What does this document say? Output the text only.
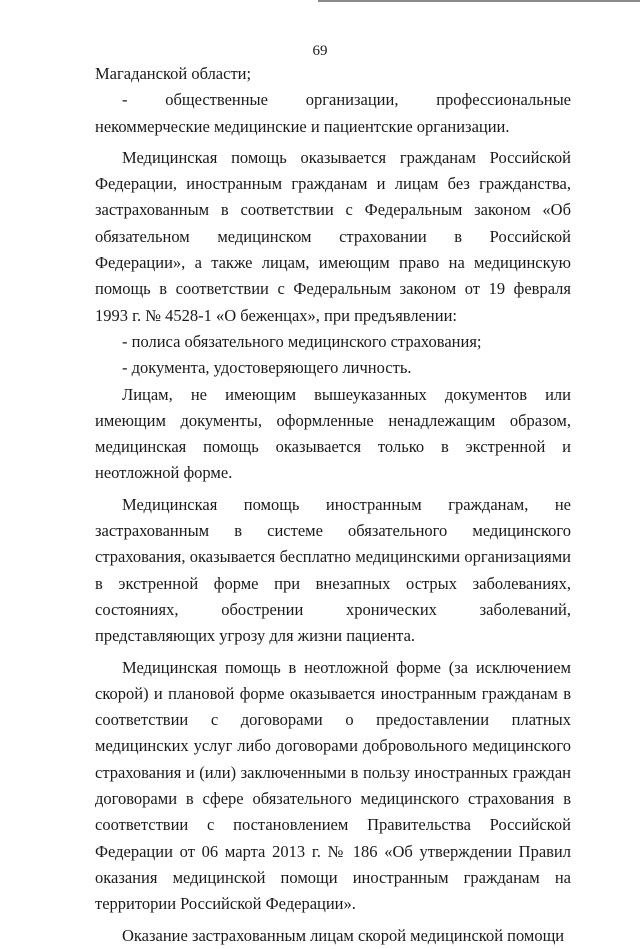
69

Магаданской области;

- общественные организации, профессиональные некоммерческие медицинские и пациентские организации.

Медицинская помощь оказывается гражданам Российской Федерации, иностранным гражданам и лицам без гражданства, застрахованным в соответствии с Федеральным законом «Об обязательном медицинском страховании в Российской Федерации», а также лицам, имеющим право на медицинскую помощь в соответствии с Федеральным законом от 19 февраля 1993 г. № 4528-1 «О беженцах», при предъявлении:

- полиса обязательного медицинского страхования;

- документа, удостоверяющего личность.

Лицам, не имеющим вышеуказанных документов или имеющим документы, оформленные ненадлежащим образом, медицинская помощь оказывается только в экстренной и неотложной форме.

Медицинская помощь иностранным гражданам, не застрахованным в системе обязательного медицинского страхования, оказывается бесплатно медицинскими организациями в экстренной форме при внезапных острых заболеваниях, состояниях, обострении хронических заболеваний, представляющих угрозу для жизни пациента.

Медицинская помощь в неотложной форме (за исключением скорой) и плановой форме оказывается иностранным гражданам в соответствии с договорами о предоставлении платных медицинских услуг либо договорами добровольного медицинского страхования и (или) заключенными в пользу иностранных граждан договорами в сфере обязательного медицинского страхования в соответствии с постановлением Правительства Российской Федерации от 06 марта 2013 г. № 186 «Об утверждении Правил оказания медицинской помощи иностранным гражданам на территории Российской Федерации».

Оказание застрахованным лицам скорой медицинской помощи
